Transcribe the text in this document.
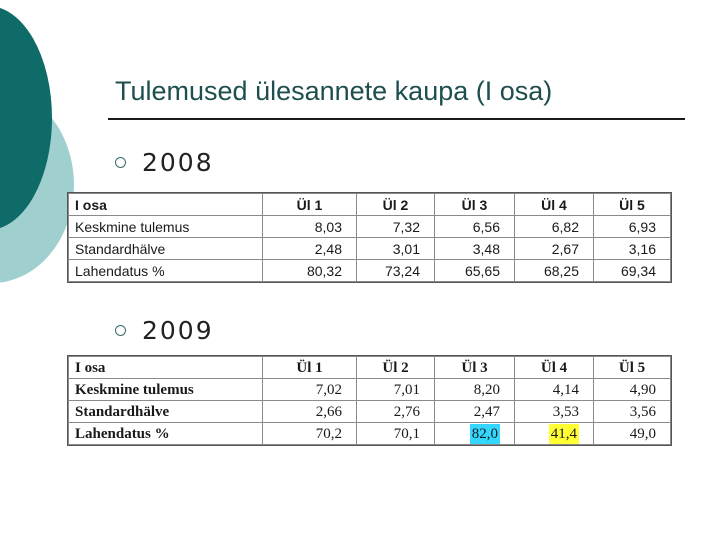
Tulemused ülesannete kaupa (I osa)
2008
I osa	Ül 1	Ül 2	Ül 3	Ül 4	Ül 5
Keskmine tulemus	8,03	7,32	6,56	6,82	6,93
Standardhälve	2,48	3,01	3,48	2,67	3,16
Lahendatus %	80,32	73,24	65,65	68,25	69,34
2009
I osa	Ül 1	Ül 2	Ül 3	Ül 4	Ül 5
Keskmine tulemus	7,02	7,01	8,20	4,14	4,90
Standardhälve	2,66	2,76	2,47	3,53	3,56
Lahendatus %	70,2	70,1	82,0	41,4	49,0
